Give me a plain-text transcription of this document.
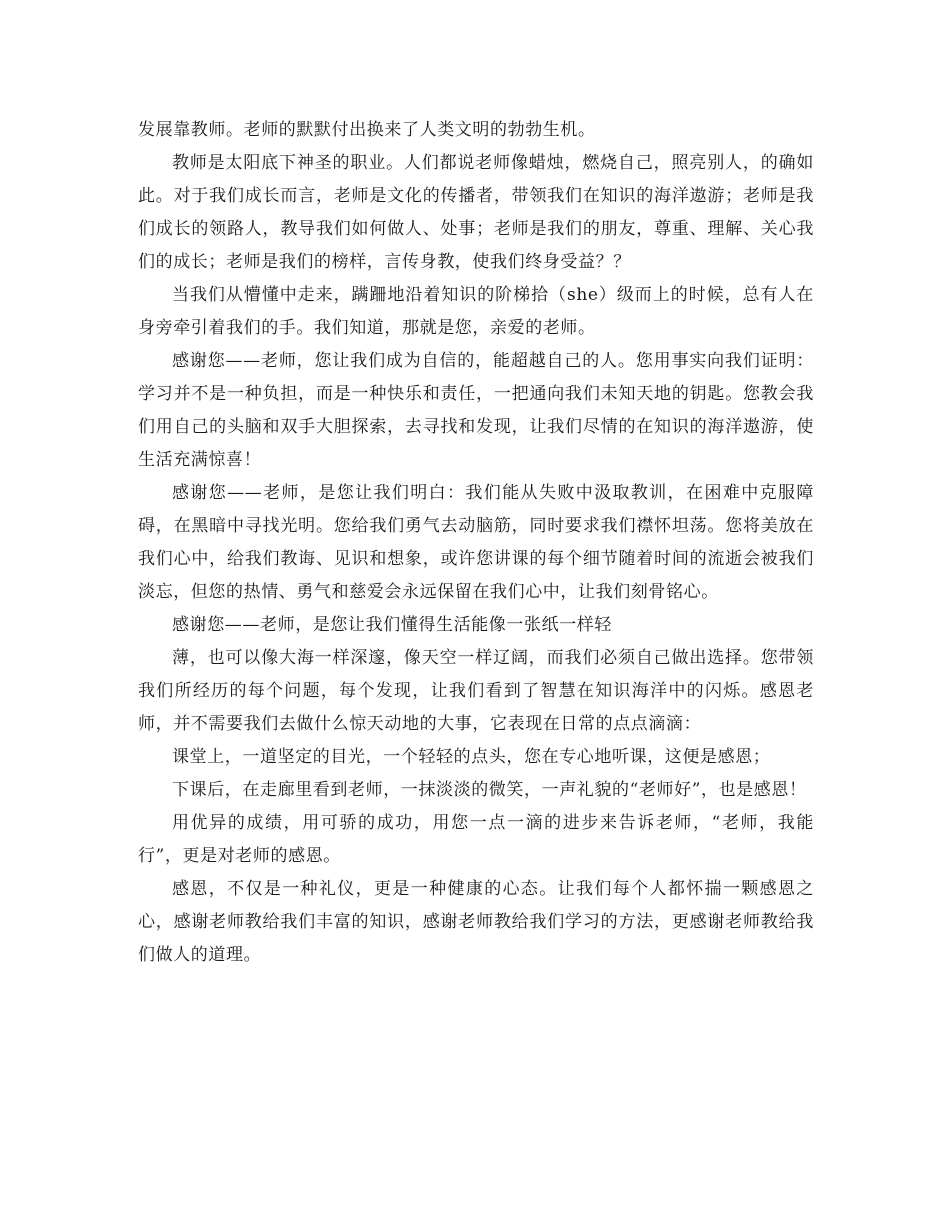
发展靠教师。老师的默默付出换来了人类文明的勃勃生机。

教师是太阳底下神圣的职业。人们都说老师像蜡烛，燃烧自己，照亮别人，的确如此。对于我们成长而言，老师是文化的传播者，带领我们在知识的海洋遨游；老师是我们成长的领路人，教导我们如何做人、处事；老师是我们的朋友，尊重、理解、关心我们的成长；老师是我们的榜样，言传身教，使我们终身受益？？

当我们从懵懂中走来，蹒跚地沿着知识的阶梯拾（she）级而上的时候，总有人在身旁牵引着我们的手。我们知道，那就是您，亲爱的老师。

感谢您——老师，您让我们成为自信的，能超越自己的人。您用事实向我们证明：学习并不是一种负担，而是一种快乐和责任，一把通向我们未知天地的钥匙。您教会我们用自己的头脑和双手大胆探索，去寻找和发现，让我们尽情的在知识的海洋遨游，使生活充满惊喜！

感谢您——老师，是您让我们明白：我们能从失败中汲取教训，在困难中克服障碍，在黑暗中寻找光明。您给我们勇气去动脑筋，同时要求我们襟怀坦荡。您将美放在我们心中，给我们教诲、见识和想象，或许您讲课的每个细节随着时间的流逝会被我们淡忘，但您的热情、勇气和慈爱会永远保留在我们心中，让我们刻骨铭心。

感谢您——老师，是您让我们懂得生活能像一张纸一样轻

薄，也可以像大海一样深邃，像天空一样辽阔，而我们必须自己做出选择。您带领我们所经历的每个问题，每个发现，让我们看到了智慧在知识海洋中的闪烁。感恩老师，并不需要我们去做什么惊天动地的大事，它表现在日常的点点滴滴：

课堂上，一道坚定的目光，一个轻轻的点头，您在专心地听课，这便是感恩；

下课后，在走廊里看到老师，一抹淡淡的微笑，一声礼貌的“老师好”，也是感恩！

用优异的成绩，用可骄的成功，用您一点一滴的进步来告诉老师，“老师，我能行”，更是对老师的感恩。

感恩，不仅是一种礼仪，更是一种健康的心态。让我们每个人都怀揣一颗感恩之心，感谢老师教给我们丰富的知识，感谢老师教给我们学习的方法，更感谢老师教给我们做人的道理。
